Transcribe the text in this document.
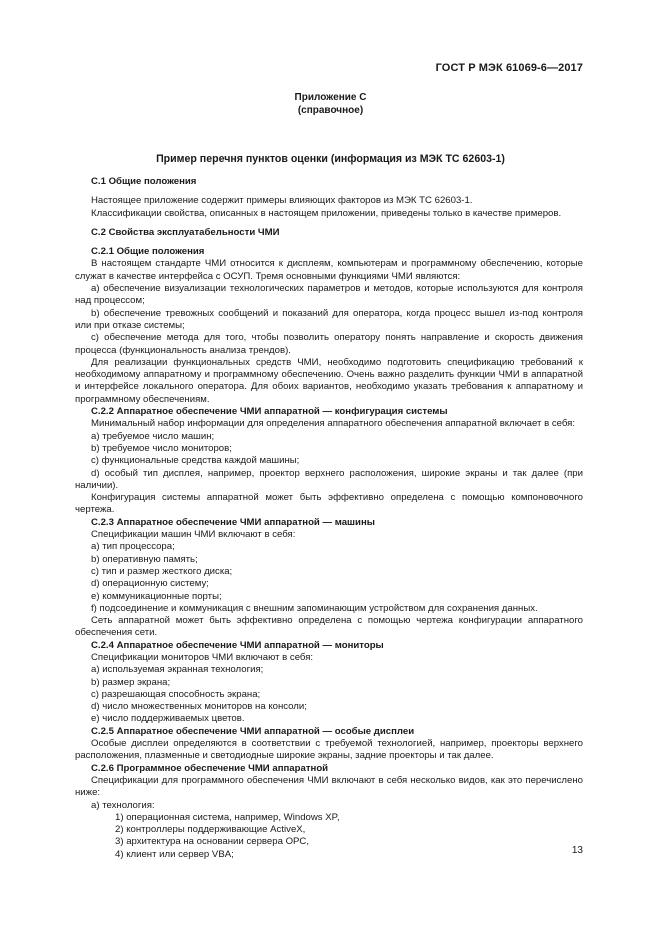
ГОСТ Р МЭК 61069-6—2017
Приложение С
(справочное)
Пример перечня пунктов оценки (информация из МЭК ТС 62603-1)

С.1 Общие положения

Настоящее приложение содержит примеры влияющих факторов из МЭК ТС 62603-1.

Классификации свойства, описанных в настоящем приложении, приведены только в качестве примеров.

С.2 Свойства эксплуатабельности ЧМИ

С.2.1 Общие положения

В настоящем стандарте ЧМИ относится к дисплеям, компьютерам и программному обеспечению, которые служат в качестве интерфейса с ОСУП. Тремя основными функциями ЧМИ являются:

а) обеспечение визуализации технологических параметров и методов, которые используются для контроля над процессом;

b) обеспечение тревожных сообщений и показаний для оператора, когда процесс вышел из-под контроля или при отказе системы;

с) обеспечение метода для того, чтобы позволить оператору понять направление и скорость движения процесса (функциональность анализа трендов).

Для реализации функциональных средств ЧМИ, необходимо подготовить спецификацию требований к необходимому аппаратному и программному обеспечению. Очень важно разделить функции ЧМИ в аппаратной и интерфейсе локального оператора. Для обоих вариантов, необходимо указать требования к аппаратному и программному обеспечениям.

С.2.2 Аппаратное обеспечение ЧМИ аппаратной — конфигурация системы

Минимальный набор информации для определения аппаратного обеспечения аппаратной включает в себя:

а) требуемое число машин;

b) требуемое число мониторов;

с) функциональные средства каждой машины;

d) особый тип дисплея, например, проектор верхнего расположения, широкие экраны и так далее (при наличии).

Конфигурация системы аппаратной может быть эффективно определена с помощью компоновочного чертежа.

С.2.3 Аппаратное обеспечение ЧМИ аппаратной — машины

Спецификации машин ЧМИ включают в себя:

а) тип процессора;

b) оперативную память;

с) тип и размер жесткого диска;

d) операционную систему;

е) коммуникационные порты;

f) подсоединение и коммуникация с внешним запоминающим устройством для сохранения данных.

Сеть аппаратной может быть эффективно определена с помощью чертежа конфигурации аппаратного обеспечения сети.

С.2.4 Аппаратное обеспечение ЧМИ аппаратной — мониторы

Спецификации мониторов ЧМИ включают в себя:

а) используемая экранная технология;

b) размер экрана;

с) разрешающая способность экрана;

d) число множественных мониторов на консоли;

е) число поддерживаемых цветов.

С.2.5 Аппаратное обеспечение ЧМИ аппаратной — особые дисплеи

Особые дисплеи определяются в соответствии с требуемой технологией, например, проекторы верхнего расположения, плазменные и светодиодные широкие экраны, задние проекторы и так далее.

С.2.6 Программное обеспечение ЧМИ аппаратной

Спецификации для программного обеспечения ЧМИ включают в себя несколько видов, как это перечислено ниже:

а) технология:

1) операционная система, например, Windows XP,

2) контроллеры поддерживающие ActiveX,

3) архитектура на основании сервера OPC,

4) клиент или сервер VBA;	13
